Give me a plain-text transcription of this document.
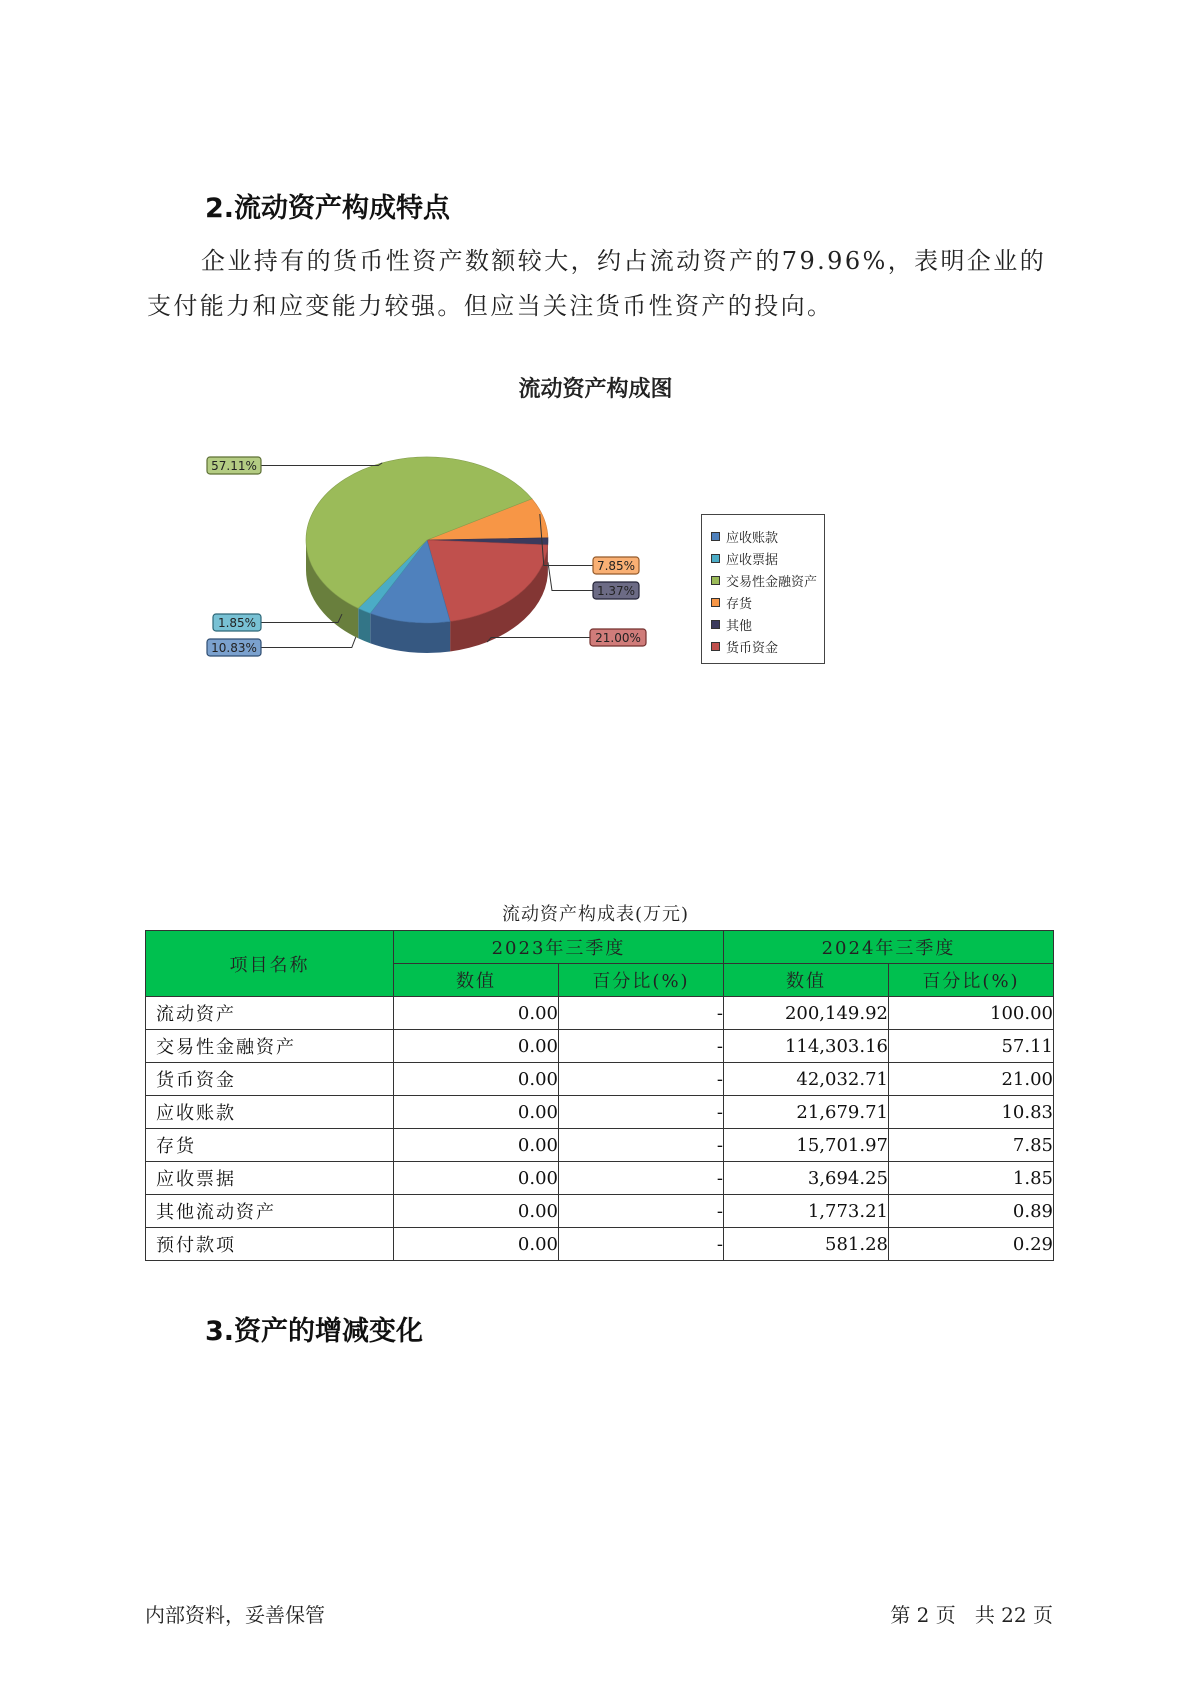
2.流动资产构成特点
企业持有的货币性资产数额较大，约占流动资产的79.96%，表明企业的支付能力和应变能力较强。但应当关注货币性资产的投向。
流动资产构成图
10.83%
1.85%
57.11%
7.85%
1.37%
21.00%
应收账款
应收票据
交易性金融资产
存货
其他
货币资金
流动资产构成表(万元)
项目名称	2023年三季度		2024年三季度	
	数值	百分比(%)	数值	百分比(%)
流动资产	0.00	-	200,149.92	100.00
交易性金融资产	0.00	-	114,303.16	57.11
货币资金	0.00	-	42,032.71	21.00
应收账款	0.00	-	21,679.71	10.83
存货	0.00	-	15,701.97	7.85
应收票据	0.00	-	3,694.25	1.85
其他流动资产	0.00	-	1,773.21	0.89
预付款项	0.00	-	581.28	0.29
3.资产的增减变化
内部资料，妥善保管	第 2 页   共 22 页
